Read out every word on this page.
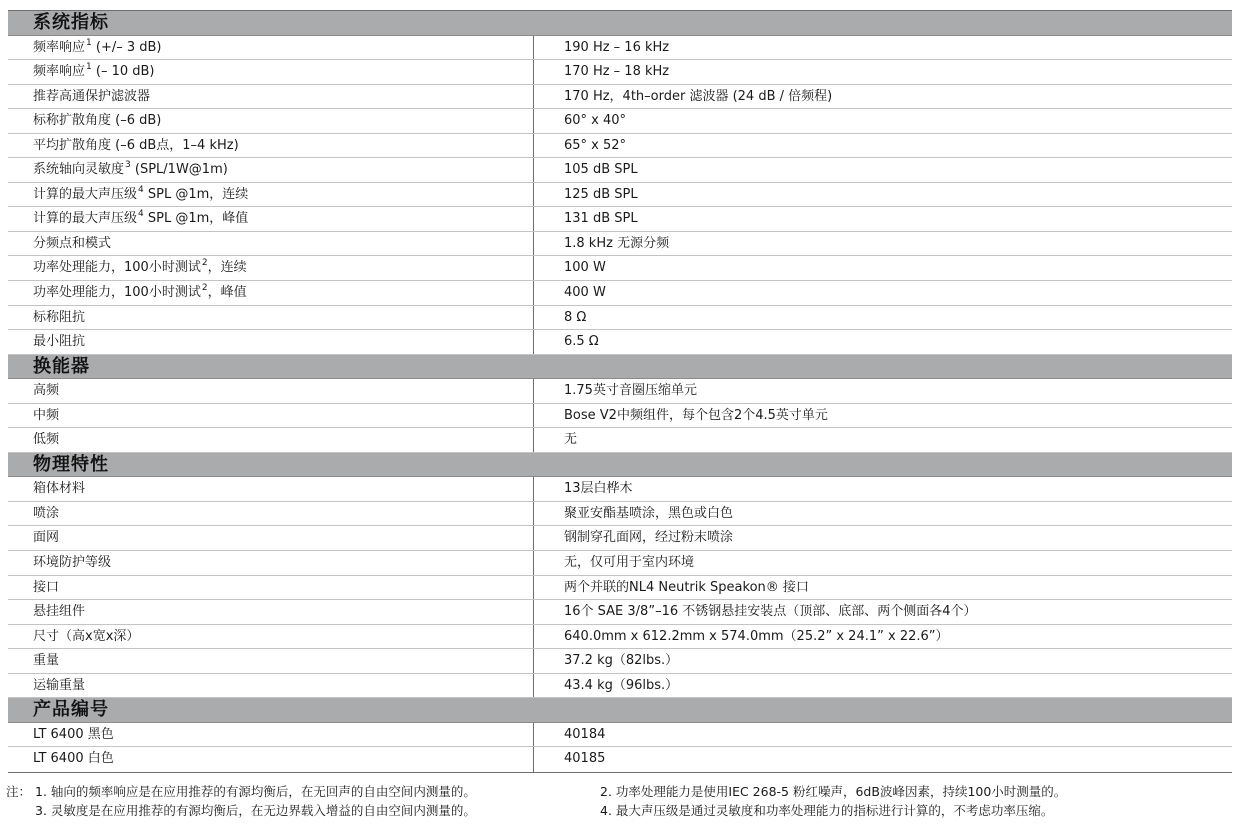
系统指标
频率响应$^1$ (+/– 3 dB)	190 Hz – 16 kHz
频率响应$^1$ (– 10 dB)	170 Hz – 18 kHz
推荐高通保护滤波器	170 Hz，4th–order 滤波器 (24 dB / 倍频程)
标称扩散角度 (–6 dB)	60° x 40°
平均扩散角度 (–6 dB点，1–4 kHz)	65° x 52°
系统轴向灵敏度$^3$ (SPL/1W@1m)	105 dB SPL
计算的最大声压级$^4$ SPL @1m，连续	125 dB SPL
计算的最大声压级$^4$ SPL @1m，峰值	131 dB SPL
分频点和模式	1.8 kHz 无源分频
功率处理能力，100小时测试$^2$，连续	100 W
功率处理能力，100小时测试$^2$，峰值	400 W
标称阻抗	8 Ω
最小阻抗	6.5 Ω
换能器
高频	1.75英寸音圈压缩单元
中频	Bose V2中频组件，每个包含2个4.5英寸单元
低频	无
物理特性
箱体材料	13层白桦木
喷涂	聚亚安酯基喷涂，黑色或白色
面网	钢制穿孔面网，经过粉末喷涂
环境防护等级	无，仅可用于室内环境
接口	两个并联的NL4 Neutrik Speakon® 接口
悬挂组件	16个 SAE 3/8”–16 不锈钢悬挂安装点（顶部、底部、两个侧面各4个）
尺寸（高x宽x深）	640.0mm x 612.2mm x 574.0mm（25.2” x 24.1” x 22.6”）
重量	37.2 kg（82lbs.）
运输重量	43.4 kg（96lbs.）
产品编号
LT 6400 黑色	40184
LT 6400 白色	40185
注： 1. 轴向的频率响应是在应用推荐的有源均衡后，在无回声的自由空间内测量的。	2. 功率处理能力是使用IEC 268-5 粉红噪声，6dB波峰因素，持续100小时测量的。
3. 灵敏度是在应用推荐的有源均衡后，在无边界载入增益的自由空间内测量的。	4. 最大声压级是通过灵敏度和功率处理能力的指标进行计算的，不考虑功率压缩。
